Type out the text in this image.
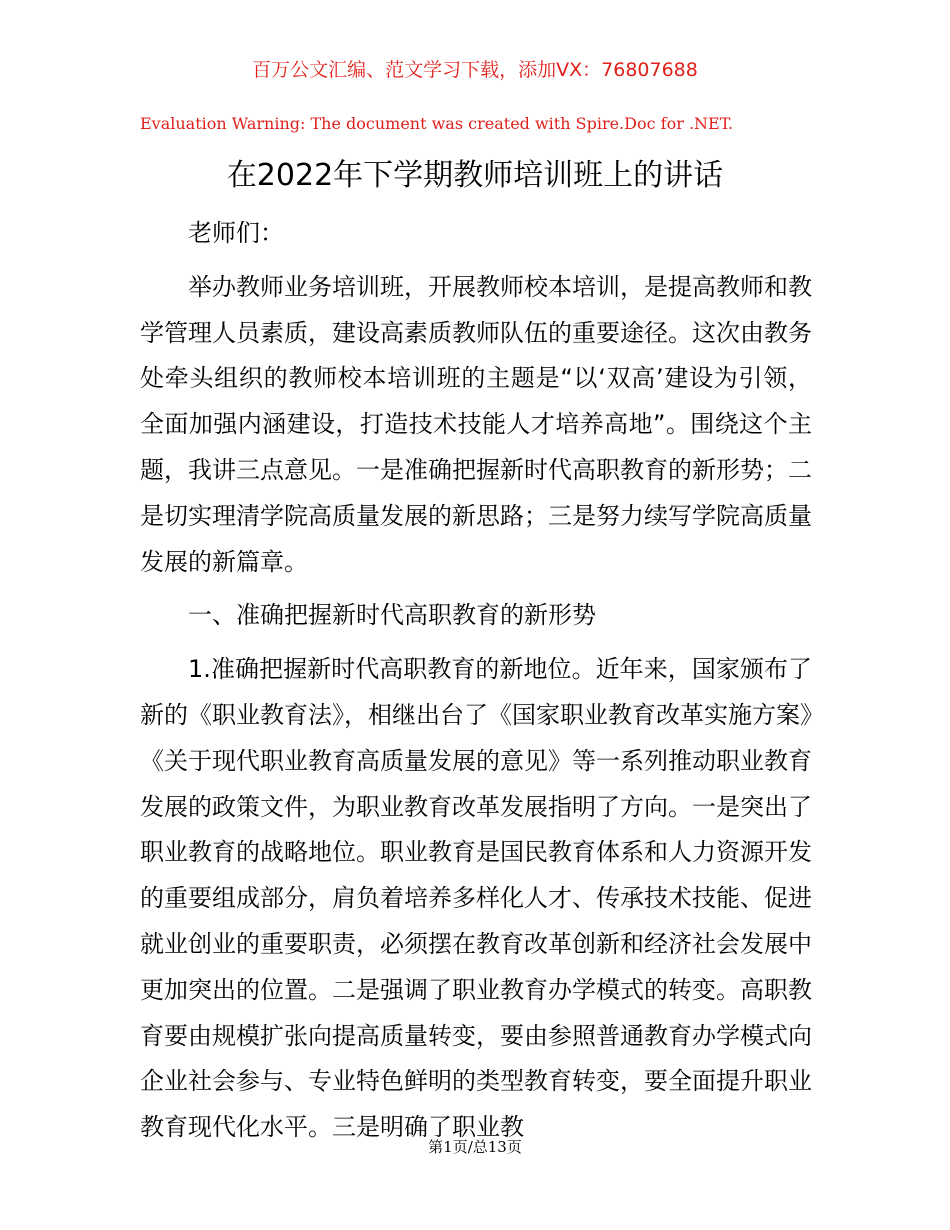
百万公文汇编、范文学习下载，添加VX：76807688
Evaluation Warning: The document was created with Spire.Doc for .NET.
在2022年下学期教师培训班上的讲话

老师们：

举办教师业务培训班，开展教师校本培训，是提高教师和教学管理人员素质，建设高素质教师队伍的重要途径。这次由教务处牵头组织的教师校本培训班的主题是“以‘双高’建设为引领，全面加强内涵建设，打造技术技能人才培养高地”。围绕这个主题，我讲三点意见。一是准确把握新时代高职教育的新形势；二是切实理清学院高质量发展的新思路；三是努力续写学院高质量发展的新篇章。

一、准确把握新时代高职教育的新形势

1.准确把握新时代高职教育的新地位。近年来，国家颁布了新的《职业教育法》，相继出台了《国家职业教育改革实施方案》《关于现代职业教育高质量发展的意见》等一系列推动职业教育发展的政策文件，为职业教育改革发展指明了方向。一是突出了职业教育的战略地位。职业教育是国民教育体系和人力资源开发的重要组成部分，肩负着培养多样化人才、传承技术技能、促进就业创业的重要职责，必须摆在教育改革创新和经济社会发展中更加突出的位置。二是强调了职业教育办学模式的转变。高职教育要由规模扩张向提高质量转变，要由参照普通教育办学模式向企业社会参与、专业特色鲜明的类型教育转变，要全面提升职业教育现代化水平。三是明确了职业教

第1页/总13页
